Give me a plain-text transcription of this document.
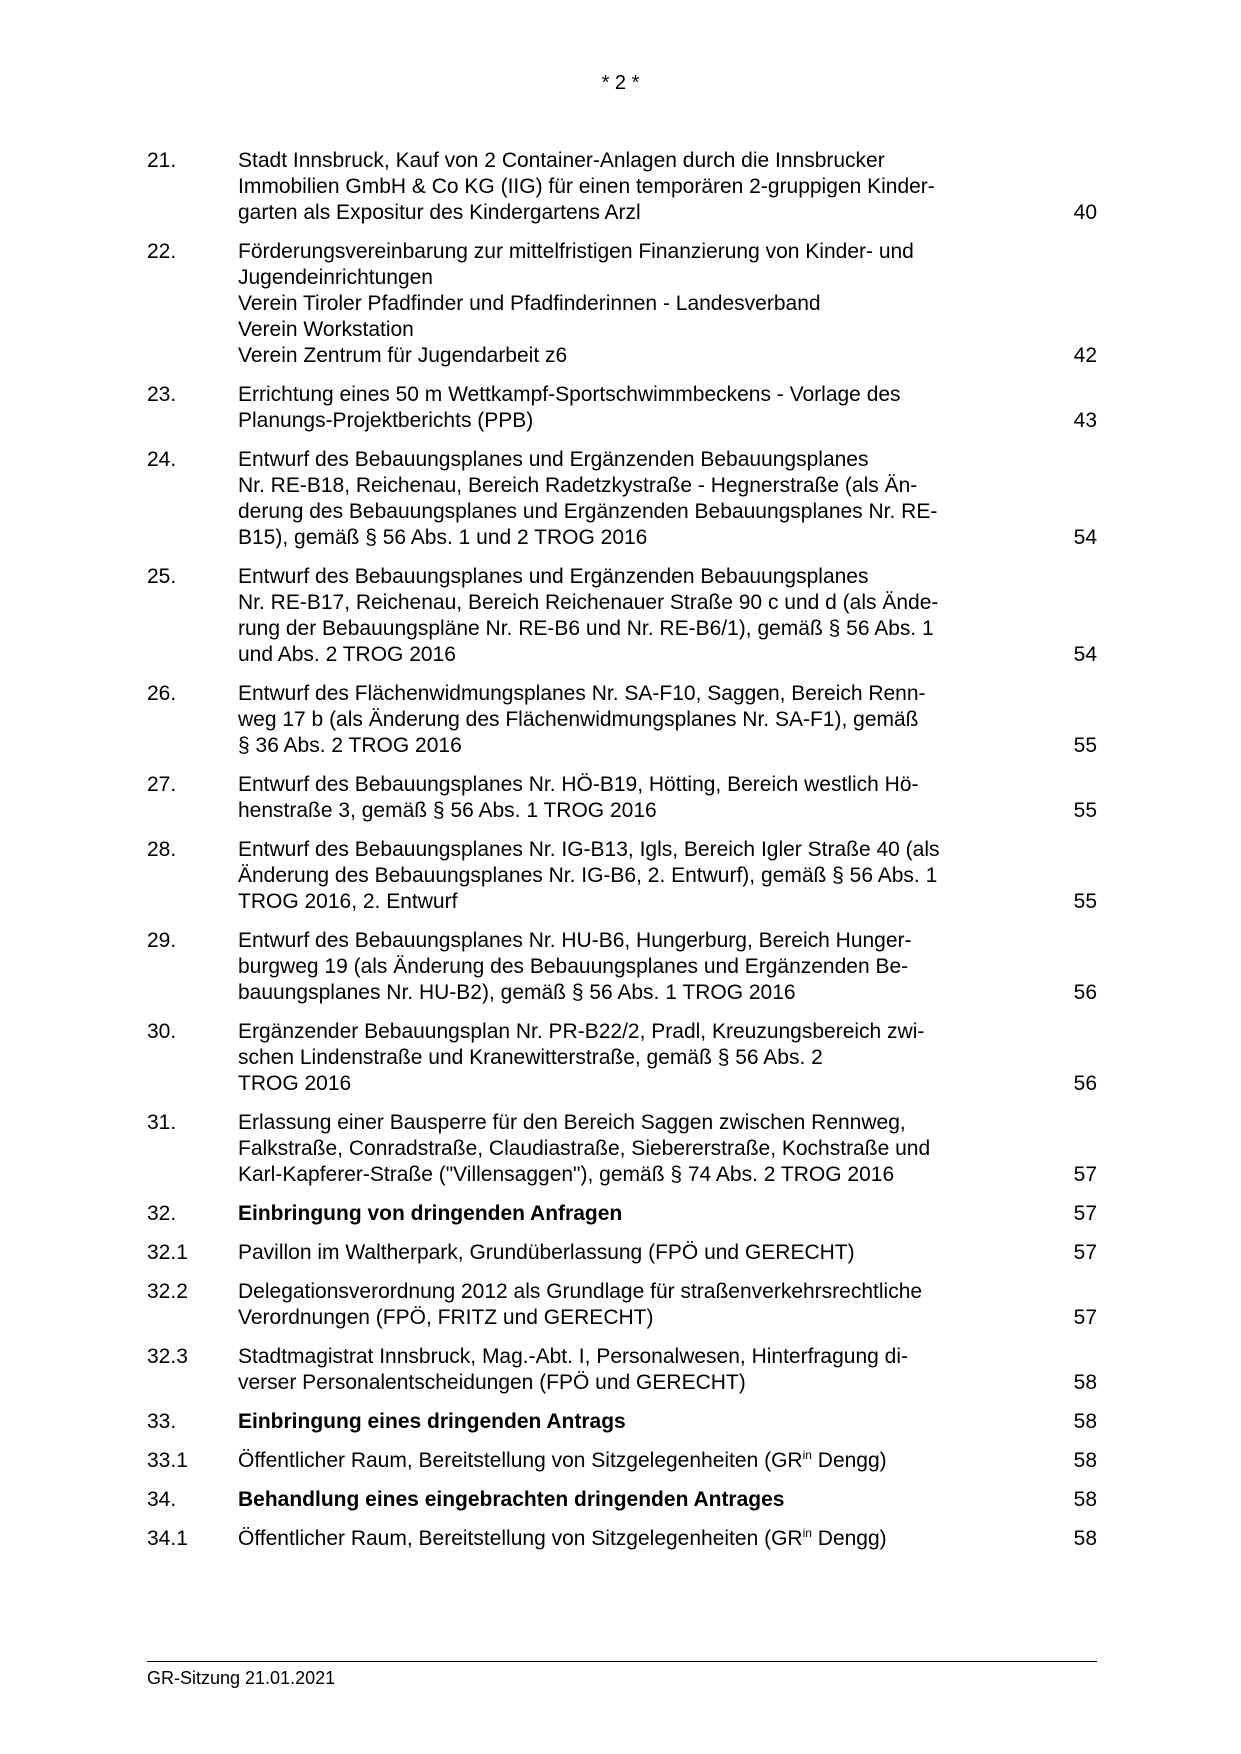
* 2 *
21.	Stadt Innsbruck, Kauf von 2 Container-Anlagen durch die Innsbrucker
Immobilien GmbH & Co KG (IIG) für einen temporären 2-gruppigen Kinder-
garten als Expositur des Kindergartens Arzl	40
22.	Förderungsvereinbarung zur mittelfristigen Finanzierung von Kinder- und
Jugendeinrichtungen
Verein Tiroler Pfadfinder und Pfadfinderinnen - Landesverband
Verein Workstation
Verein Zentrum für Jugendarbeit z6	42
23.	Errichtung eines 50 m Wettkampf-Sportschwimmbeckens - Vorlage des
Planungs-Projektberichts (PPB)	43
24.	Entwurf des Bebauungsplanes und Ergänzenden Bebauungsplanes
Nr. RE-B18, Reichenau, Bereich Radetzkystraße - Hegnerstraße (als Än-
derung des Bebauungsplanes und Ergänzenden Bebauungsplanes Nr. RE-
B15), gemäß § 56 Abs. 1 und 2 TROG 2016	54
25.	Entwurf des Bebauungsplanes und Ergänzenden Bebauungsplanes
Nr. RE-B17, Reichenau, Bereich Reichenauer Straße 90 c und d (als Ände-
rung der Bebauungspläne Nr. RE-B6 und Nr. RE-B6/1), gemäß § 56 Abs. 1
und Abs. 2 TROG 2016	54
26.	Entwurf des Flächenwidmungsplanes Nr. SA-F10, Saggen, Bereich Renn-
weg 17 b (als Änderung des Flächenwidmungsplanes Nr. SA-F1), gemäß
§ 36 Abs. 2 TROG 2016	55
27.	Entwurf des Bebauungsplanes Nr. HÖ-B19, Hötting, Bereich westlich Hö-
henstraße 3, gemäß § 56 Abs. 1 TROG 2016	55
28.	Entwurf des Bebauungsplanes Nr. IG-B13, Igls, Bereich Igler Straße 40 (als
Änderung des Bebauungsplanes Nr. IG-B6, 2. Entwurf), gemäß § 56 Abs. 1
TROG 2016, 2. Entwurf	55
29.	Entwurf des Bebauungsplanes Nr. HU-B6, Hungerburg, Bereich Hunger-
burgweg 19 (als Änderung des Bebauungsplanes und Ergänzenden Be-
bauungsplanes Nr. HU-B2), gemäß § 56 Abs. 1 TROG 2016	56
30.	Ergänzender Bebauungsplan Nr. PR-B22/2, Pradl, Kreuzungsbereich zwi-
schen Lindenstraße und Kranewitterstraße, gemäß § 56 Abs. 2
TROG 2016	56
31.	Erlassung einer Bausperre für den Bereich Saggen zwischen Rennweg,
Falkstraße, Conradstraße, Claudiastraße, Siebererstraße, Kochstraße und
Karl-Kapferer-Straße ("Villensaggen"), gemäß § 74 Abs. 2 TROG 2016	57
32.	Einbringung von dringenden Anfragen	57
32.1 Pavillon im Waltherpark, Grundüberlassung (FPÖ und GERECHT)	57
32.2 Delegationsverordnung 2012 als Grundlage für straßenverkehrsrechtliche
Verordnungen (FPÖ, FRITZ und GERECHT)	57
32.3 Stadtmagistrat Innsbruck, Mag.-Abt. I, Personalwesen, Hinterfragung di-
verser Personalentscheidungen (FPÖ und GERECHT)	58
33.	Einbringung eines dringenden Antrags	58
33.1 Öffentlicher Raum, Bereitstellung von Sitzgelegenheiten ($GR^{in}$ Dengg)	58
34.	Behandlung eines eingebrachten dringenden Antrages	58
34.1 Öffentlicher Raum, Bereitstellung von Sitzgelegenheiten ($GR^{in}$ Dengg)	58
GR-Sitzung 21.01.2021
